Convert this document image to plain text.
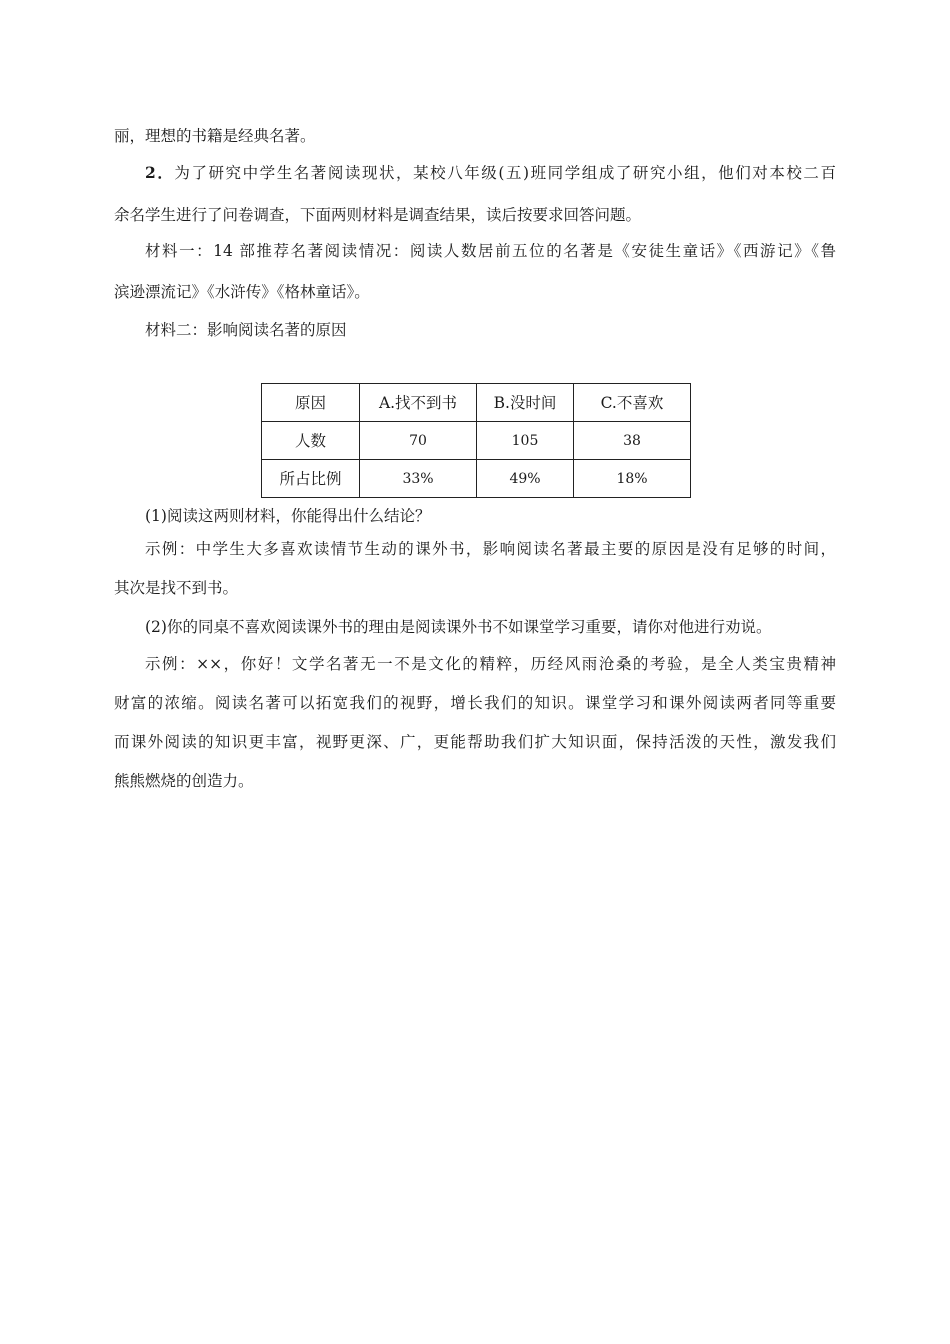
丽，理想的书籍是经典名著。
2．为了研究中学生名著阅读现状，某校八年级(五)班同学组成了研究小组，他们对本校二百
余名学生进行了问卷调查，下面两则材料是调查结果，读后按要求回答问题。
材料一：14 部推荐名著阅读情况：阅读人数居前五位的名著是《安徒生童话》《西游记》《鲁
滨逊漂流记》《水浒传》《格林童话》。
材料二：影响阅读名著的原因
原因	A.找不到书	B.没时间	C.不喜欢
人数	70	105	38
所占比例	33%	49%	18%
(1)阅读这两则材料，你能得出什么结论？
示例：中学生大多喜欢读情节生动的课外书，影响阅读名著最主要的原因是没有足够的时间，
其次是找不到书。
(2)你的同桌不喜欢阅读课外书的理由是阅读课外书不如课堂学习重要，请你对他进行劝说。
示例：××，你好！文学名著无一不是文化的精粹，历经风雨沧桑的考验，是全人类宝贵精神
财富的浓缩。阅读名著可以拓宽我们的视野，增长我们的知识。课堂学习和课外阅读两者同等重要
而课外阅读的知识更丰富，视野更深、广，更能帮助我们扩大知识面，保持活泼的天性，激发我们
熊熊燃烧的创造力。
